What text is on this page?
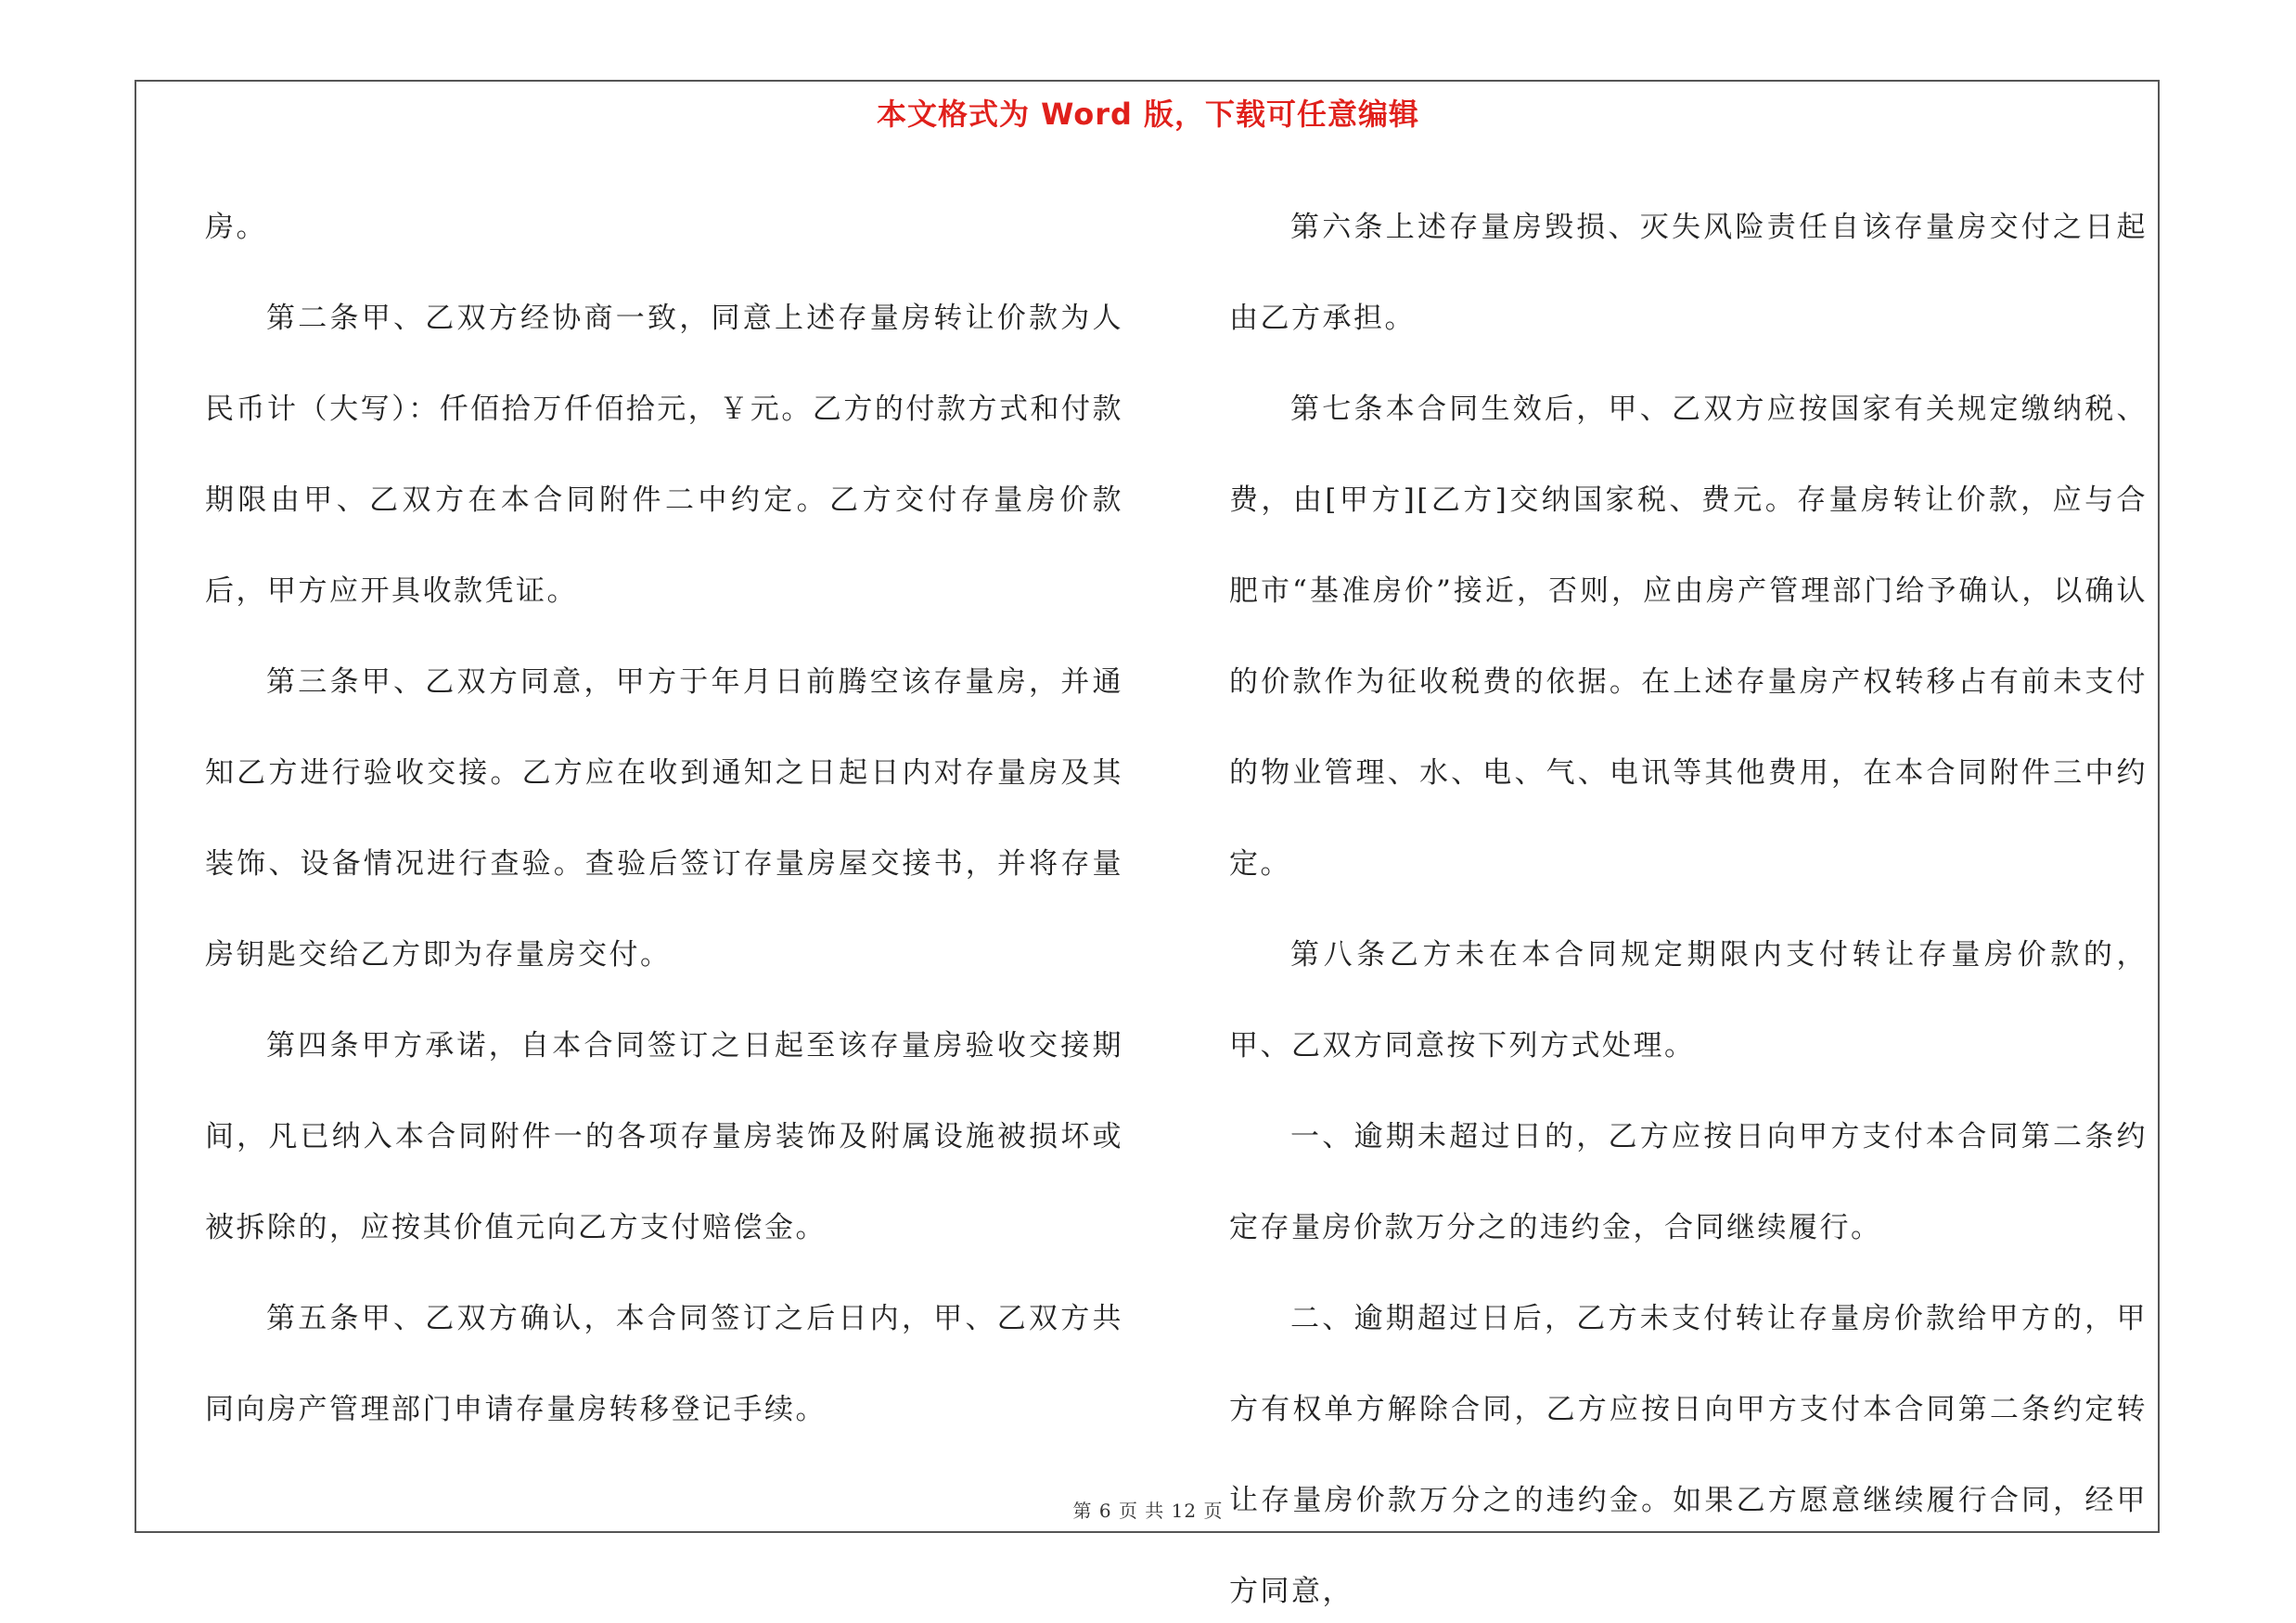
本文格式为 Word 版，下载可任意编辑

房。

第二条甲、乙双方经协商一致，同意上述存量房转让价款为人民币计（大写）：仟佰拾万仟佰拾元，￥元。乙方的付款方式和付款期限由甲、乙双方在本合同附件二中约定。乙方交付存量房价款后，甲方应开具收款凭证。

第三条甲、乙双方同意，甲方于年月日前腾空该存量房，并通知乙方进行验收交接。乙方应在收到通知之日起日内对存量房及其装饰、设备情况进行查验。查验后签订存量房屋交接书，并将存量房钥匙交给乙方即为存量房交付。

第四条甲方承诺，自本合同签订之日起至该存量房验收交接期间，凡已纳入本合同附件一的各项存量房装饰及附属设施被损坏或被拆除的，应按其价值元向乙方支付赔偿金。

第五条甲、乙双方确认，本合同签订之后日内，甲、乙双方共同向房产管理部门申请存量房转移登记手续。

第六条上述存量房毁损、灭失风险责任自该存量房交付之日起由乙方承担。

第七条本合同生效后，甲、乙双方应按国家有关规定缴纳税、费，由[甲方][乙方]交纳国家税、费元。存量房转让价款，应与合肥市“基准房价”接近，否则，应由房产管理部门给予确认，以确认的价款作为征收税费的依据。在上述存量房产权转移占有前未支付的物业管理、水、电、气、电讯等其他费用，在本合同附件三中约定。

第八条乙方未在本合同规定期限内支付转让存量房价款的，甲、乙双方同意按下列方式处理。

一、逾期未超过日的，乙方应按日向甲方支付本合同第二条约定存量房价款万分之的违约金，合同继续履行。

二、逾期超过日后，乙方未支付转让存量房价款给甲方的，甲方有权单方解除合同，乙方应按日向甲方支付本合同第二条约定转让存量房价款万分之的违约金。如果乙方愿意继续履行合同，经甲方同意，

第 6 页 共 12 页
